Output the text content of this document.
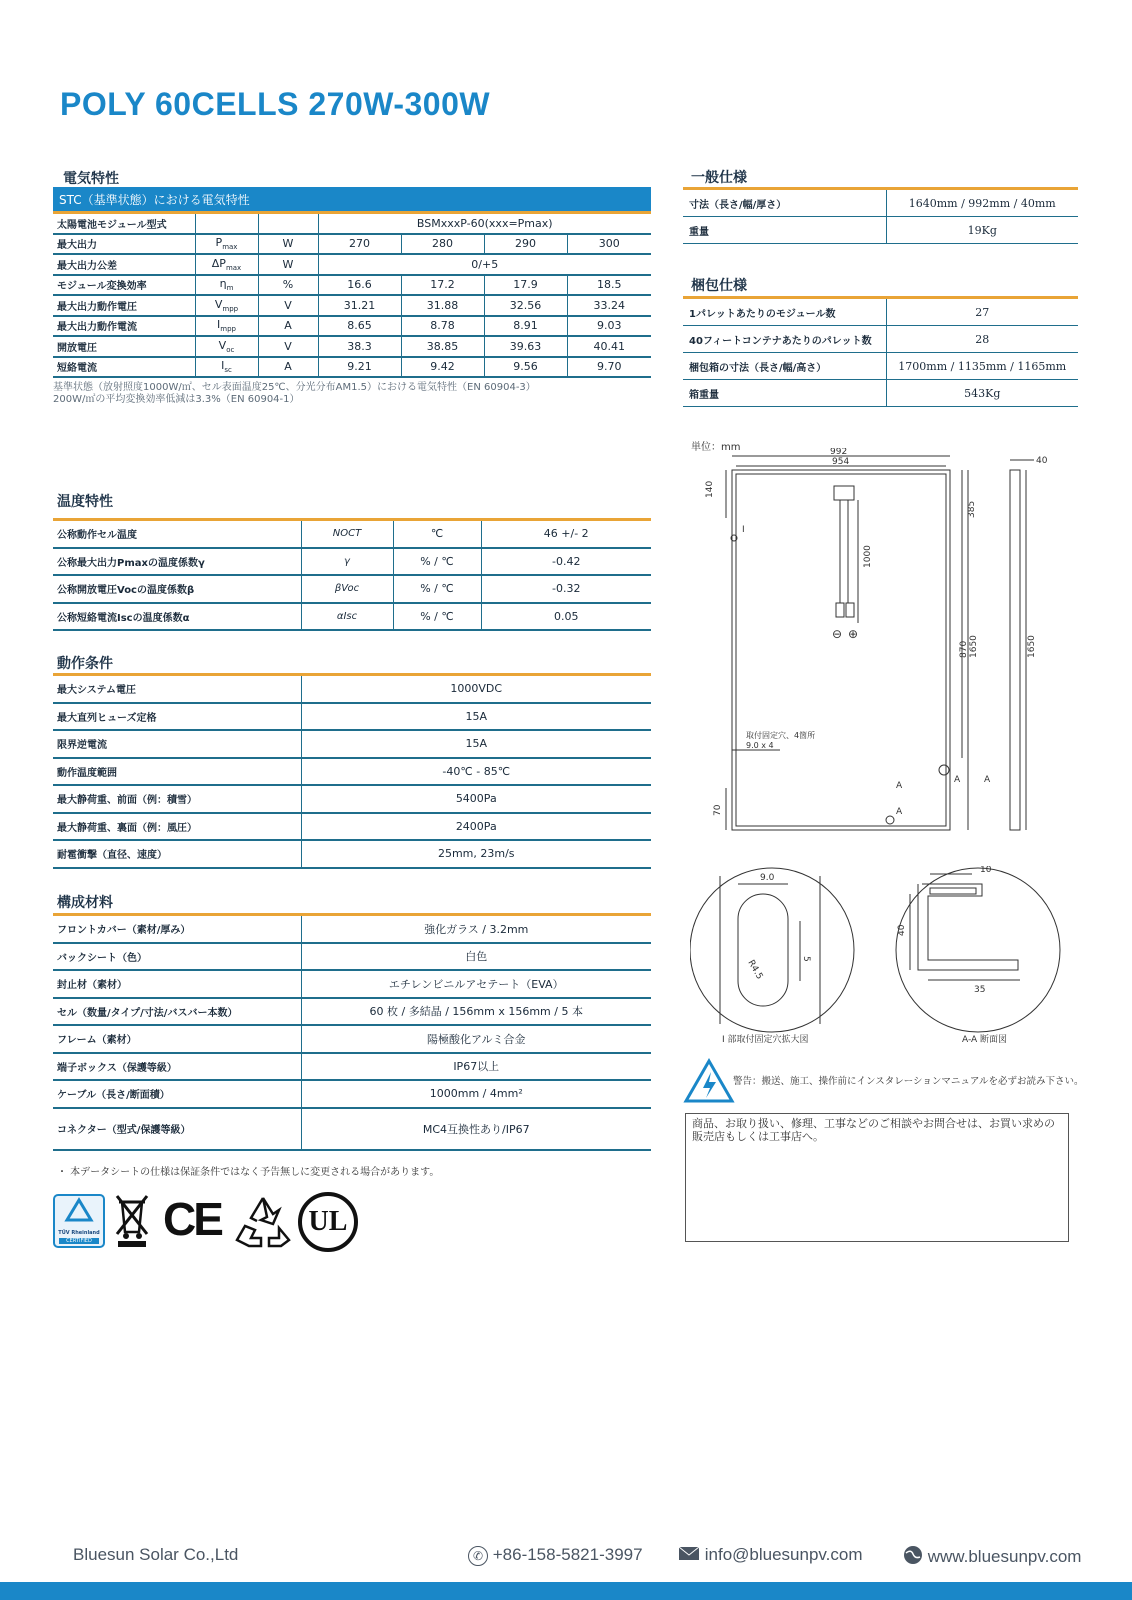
POLY 60CELLS 270W-300W
電気特性
STC（基準状態）における電気特性
太陽電池モジュール型式			BSMxxxP-60(xxx=Pmax)			
最大出力	$P_{max}$	W	270	280	290	300
最大出力公差	$\Delta P_{max}$	W	0/+5			
モジュール変換効率	$\eta_m$	%	16.6	17.2	17.9	18.5
最大出力動作電圧	$V_{mpp}$	V	31.21	31.88	32.56	33.24
最大出力動作電流	$I_{mpp}$	A	8.65	8.78	8.91	9.03
開放電圧	$V_{oc}$	V	38.3	38.85	39.63	40.41
短絡電流	$I_{sc}$	A	9.21	9.42	9.56	9.70
基準状態（放射照度1000W/㎡、セル表面温度25℃、分光分布AM1.5）における電気特性（EN 60904-3）
200W/㎡の平均変換効率低減は3.3%（EN 60904-1）
温度特性
公称動作セル温度	NOCT	℃	46 +/- 2
公称最大出力Pmaxの温度係数γ	γ	% / ℃	-0.42
公称開放電圧Vocの温度係数β	βVoc	% / ℃	-0.32
公称短絡電流Iscの温度係数α	αIsc	% / ℃	0.05
動作条件
最大システム電圧	1000VDC
最大直列ヒューズ定格	15A
限界逆電流	15A
動作温度範囲	-40℃ - 85℃
最大静荷重、前面（例：積雪）	5400Pa
最大静荷重、裏面（例：風圧）	2400Pa
耐雹衝撃（直径、速度）	25mm, 23m/s
構成材料
フロントカバー（素材/厚み）	強化ガラス / 3.2mm
バックシート（色）	白色
封止材（素材）	エチレンビニルアセテート（EVA）
セル（数量/タイプ/寸法/バスバー本数）	60 枚 / 多結晶 / 156mm x 156mm / 5 本
フレーム（素材）	陽極酸化アルミ合金
端子ボックス（保護等級）	IP67以上
ケーブル（長さ/断面積）	1000mm / 4mm²
コネクター（型式/保護等級）	MC4互換性あり/IP67
・ 本データシートの仕様は保証条件ではなく予告無しに変更される場合があります。
TÜV Rheinland
CERTIFIED CE	UL
一般仕様
寸法（長さ/幅/厚さ）	1640mm / 992mm / 40mm
重量	19Kg
梱包仕様
1パレットあたりのモジュール数	27
40フィートコンテナあたりのパレット数	28
梱包箱の寸法（長さ/幅/高さ）	1700mm / 1135mm / 1165mm
箱重量	543Kg
単位：mm	992
954	40
140
385
1000
870 1650	1650
70
I
A
A	A
A
⊖ ⊕
取付固定穴、4箇所
9.0 x 4
9.0
5
R4.5
10
40
35
I 部取付固定穴拡大図	A-A 断面図
警告：搬送、施工、操作前にインスタレーションマニュアルを必ずお読み下さい。
商品、お取り扱い、修理、工事などのご相談やお問合せは、お買い求めの販売店もしくは工事店へ。
Bluesun Solar Co.,Ltd	✆ +86-158-5821-3997	info@bluesunpv.com	www.bluesunpv.com
